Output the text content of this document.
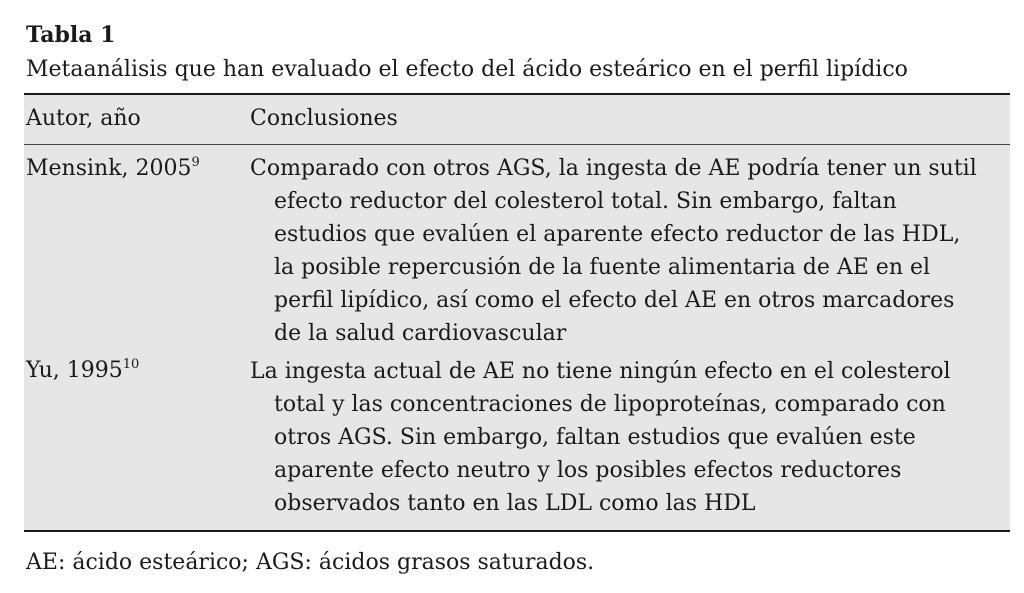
Tabla 1
Metaanálisis que han evaluado el efecto del ácido esteárico en el perfil lipídico
Autor, año	Conclusiones
Mensink, 2005$^9$ Comparado con otros AGS, la ingesta de AE podría tener un sutil
efecto reductor del colesterol total. Sin embargo, faltan
estudios que evalúen el aparente efecto reductor de las HDL,
la posible repercusión de la fuente alimentaria de AE en el
perfil lipídico, así como el efecto del AE en otros marcadores
de la salud cardiovascular
Yu, 1995$^{10}$	La ingesta actual de AE no tiene ningún efecto en el colesterol
total y las concentraciones de lipoproteínas, comparado con
otros AGS. Sin embargo, faltan estudios que evalúen este
aparente efecto neutro y los posibles efectos reductores
observados tanto en las LDL como las HDL
AE: ácido esteárico; AGS: ácidos grasos saturados.
